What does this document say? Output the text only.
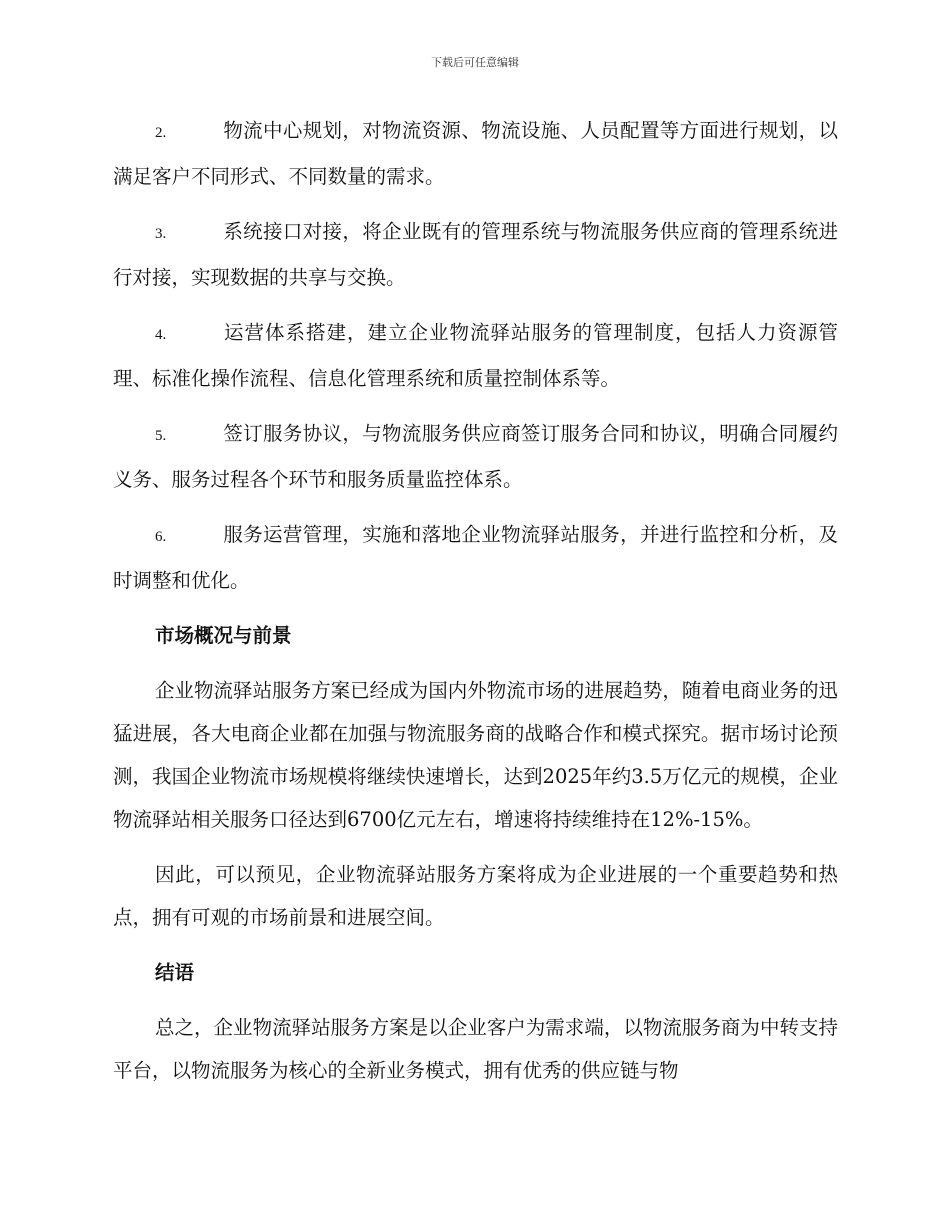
下载后可任意编辑

2.	物流中心规划，对物流资源、物流设施、人员配置等方面进行规划，以满足客户不同形式、不同数量的需求。

3.	系统接口对接，将企业既有的管理系统与物流服务供应商的管理系统进行对接，实现数据的共享与交换。

4.	运营体系搭建，建立企业物流驿站服务的管理制度，包括人力资源管理、标准化操作流程、信息化管理系统和质量控制体系等。

5.	签订服务协议，与物流服务供应商签订服务合同和协议，明确合同履约义务、服务过程各个环节和服务质量监控体系。

6.	服务运营管理，实施和落地企业物流驿站服务，并进行监控和分析，及时调整和优化。

市场概况与前景

企业物流驿站服务方案已经成为国内外物流市场的进展趋势，随着电商业务的迅猛进展，各大电商企业都在加强与物流服务商的战略合作和模式探究。据市场讨论预测，我国企业物流市场规模将继续快速增长，达到2025年约3.5万亿元的规模，企业物流驿站相关服务口径达到6700亿元左右，增速将持续维持在12%-15%。

因此，可以预见，企业物流驿站服务方案将成为企业进展的一个重要趋势和热点，拥有可观的市场前景和进展空间。

结语

总之，企业物流驿站服务方案是以企业客户为需求端，以物流服务商为中转支持平台，以物流服务为核心的全新业务模式，拥有优秀的供应链与物
